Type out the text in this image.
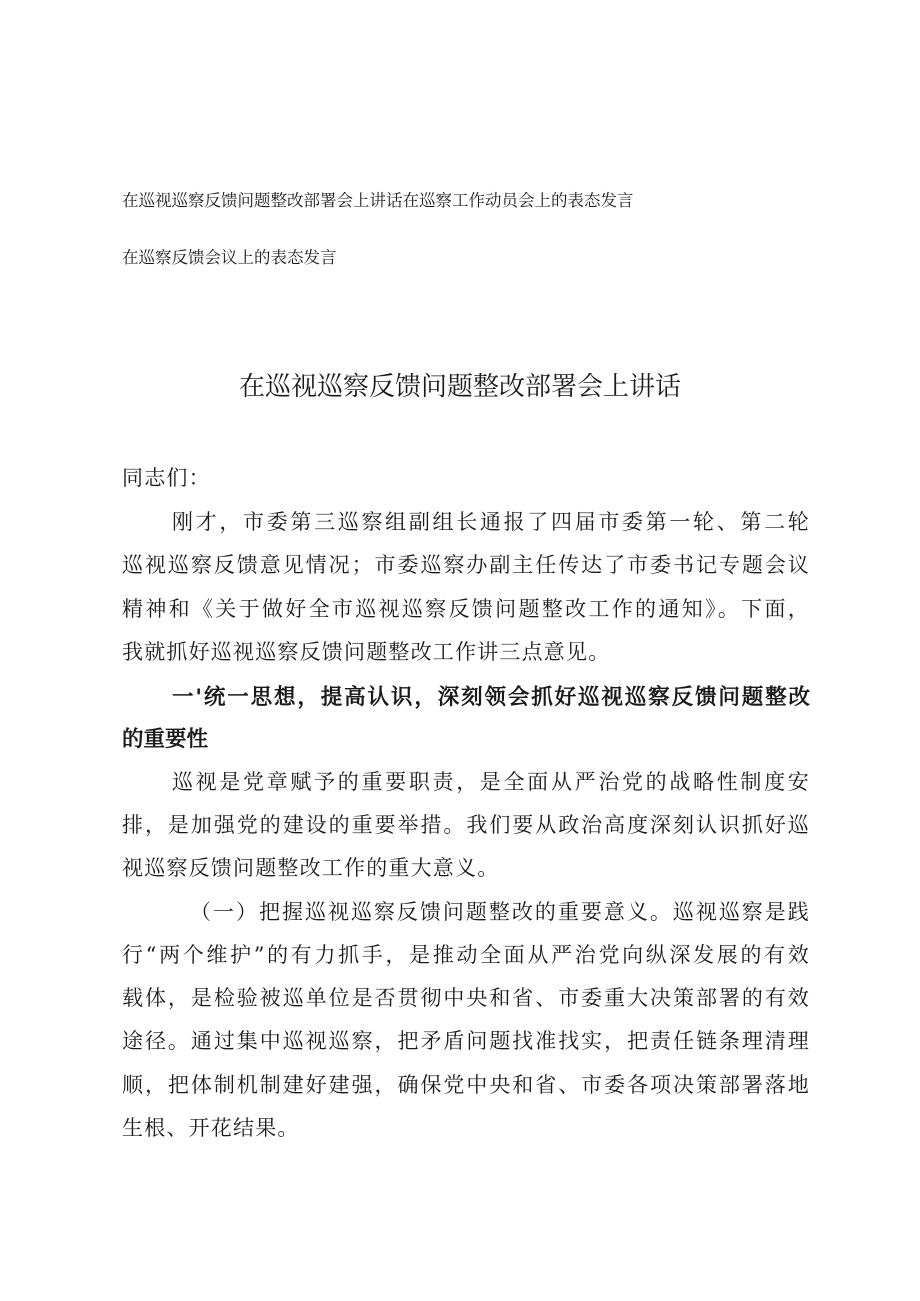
在巡视巡察反馈问题整改部署会上讲话在巡察工作动员会上的表态发言

在巡察反馈会议上的表态发言

在巡视巡察反馈问题整改部署会上讲话

同志们：

刚才，市委第三巡察组副组长通报了四届市委第一轮、第二轮

巡视巡察反馈意见情况；市委巡察办副主任传达了市委书记专题会议

精神和《关于做好全市巡视巡察反馈问题整改工作的通知》。下面，

我就抓好巡视巡察反馈问题整改工作讲三点意见。

一'统一思想，提高认识，深刻领会抓好巡视巡察反馈问题整改

的重要性

巡视是党章赋予的重要职责，是全面从严治党的战略性制度安

排，是加强党的建设的重要举措。我们要从政治高度深刻认识抓好巡

视巡察反馈问题整改工作的重大意义。

（一）把握巡视巡察反馈问题整改的重要意义。巡视巡察是践

行“两个维护”的有力抓手，是推动全面从严治党向纵深发展的有效

载体，是检验被巡单位是否贯彻中央和省、市委重大决策部署的有效

途径。通过集中巡视巡察，把矛盾问题找准找实，把责任链条理清理

顺，把体制机制建好建强，确保党中央和省、市委各项决策部署落地

生根、开花结果。
